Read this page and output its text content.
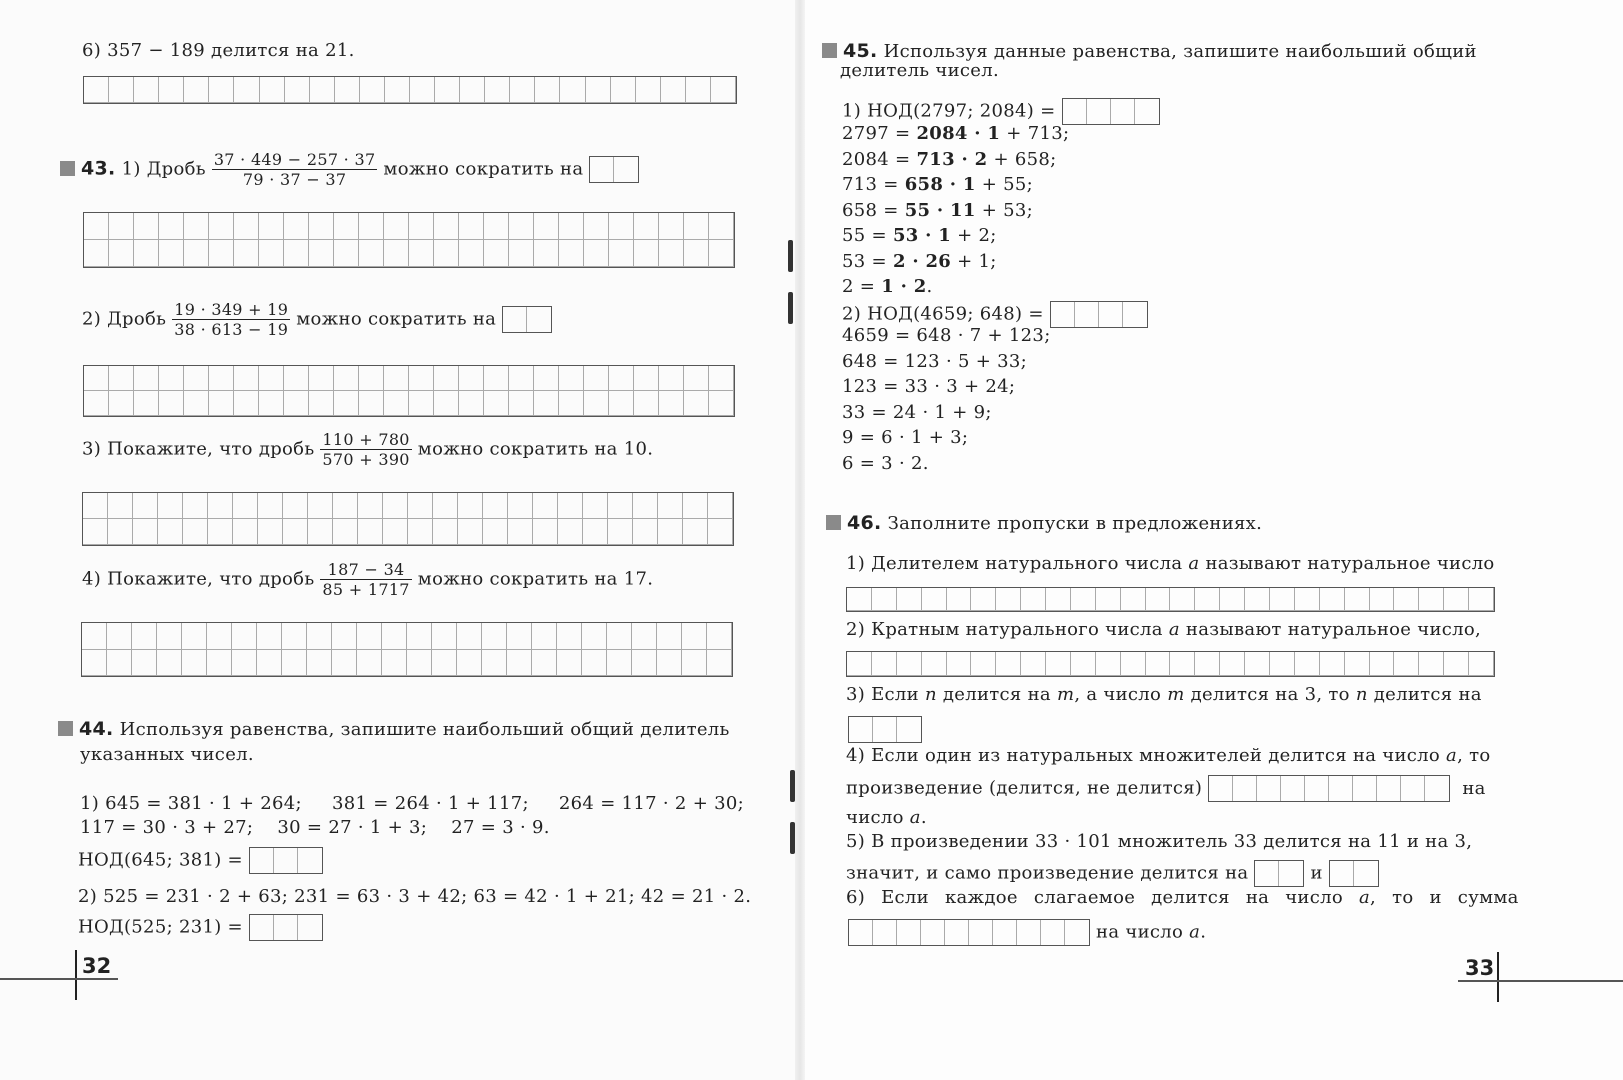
6) 357 − 189 делится на 21.
43. 1) Дробь $\frac{37 \cdot 449 - 257 \cdot 37}{79 \cdot 37 - 37}$ можно сократить на
2) Дробь $\frac{19 \cdot 349 + 19}{38 \cdot 613 - 19}$ можно сократить на
3) Покажите, что дробь $\frac{110 + 780}{570 + 390}$ можно сократить на 10.
4) Покажите, что дробь $\frac{187 - 34}{85 + 1717}$ можно сократить на 17.
44. Используя равенства, запишите наибольший общий делитель
указанных чисел.
1) 645 = 381 · 1 + 264;     381 = 264 · 1 + 117;     264 = 117 · 2 + 30;
117 = 30 · 3 + 27;    30 = 27 · 1 + 3;    27 = 3 · 9.
НОД(645; 381) =
2) 525 = 231 · 2 + 63; 231 = 63 · 3 + 42; 63 = 42 · 1 + 21; 42 = 21 · 2.
НОД(525; 231) =
32
45. Используя данные равенства, запишите наибольший общий
делитель чисел.
1) НОД(2797; 2084) =
2797 = 2084 · 1 + 713;
2084 = 713 · 2 + 658;
713 = 658 · 1 + 55;
658 = 55 · 11 + 53;
55 = 53 · 1 + 2;
53 = 2 · 26 + 1;
2 = 1 · 2.
2) НОД(4659; 648) =
4659 = 648 · 7 + 123;
648 = 123 · 5 + 33;
123 = 33 · 3 + 24;
33 = 24 · 1 + 9;
9 = 6 · 1 + 3;
6 = 3 · 2.
46. Заполните пропуски в предложениях.
1) Делителем натурального числа a называют натуральное число
2) Кратным натурального числа a называют натуральное число,
3) Если n делится на m, а число m делится на 3, то n делится на
4) Если один из натуральных множителей делится на число a, то
произведение (делится, не делится)	на
число a.
5) В произведении 33 · 101 множитель 33 делится на 11 и на 3,
значит, и само произведение делится на	и
6) Если каждое слагаемое делится на число a, то и сумма
на число a.
33
